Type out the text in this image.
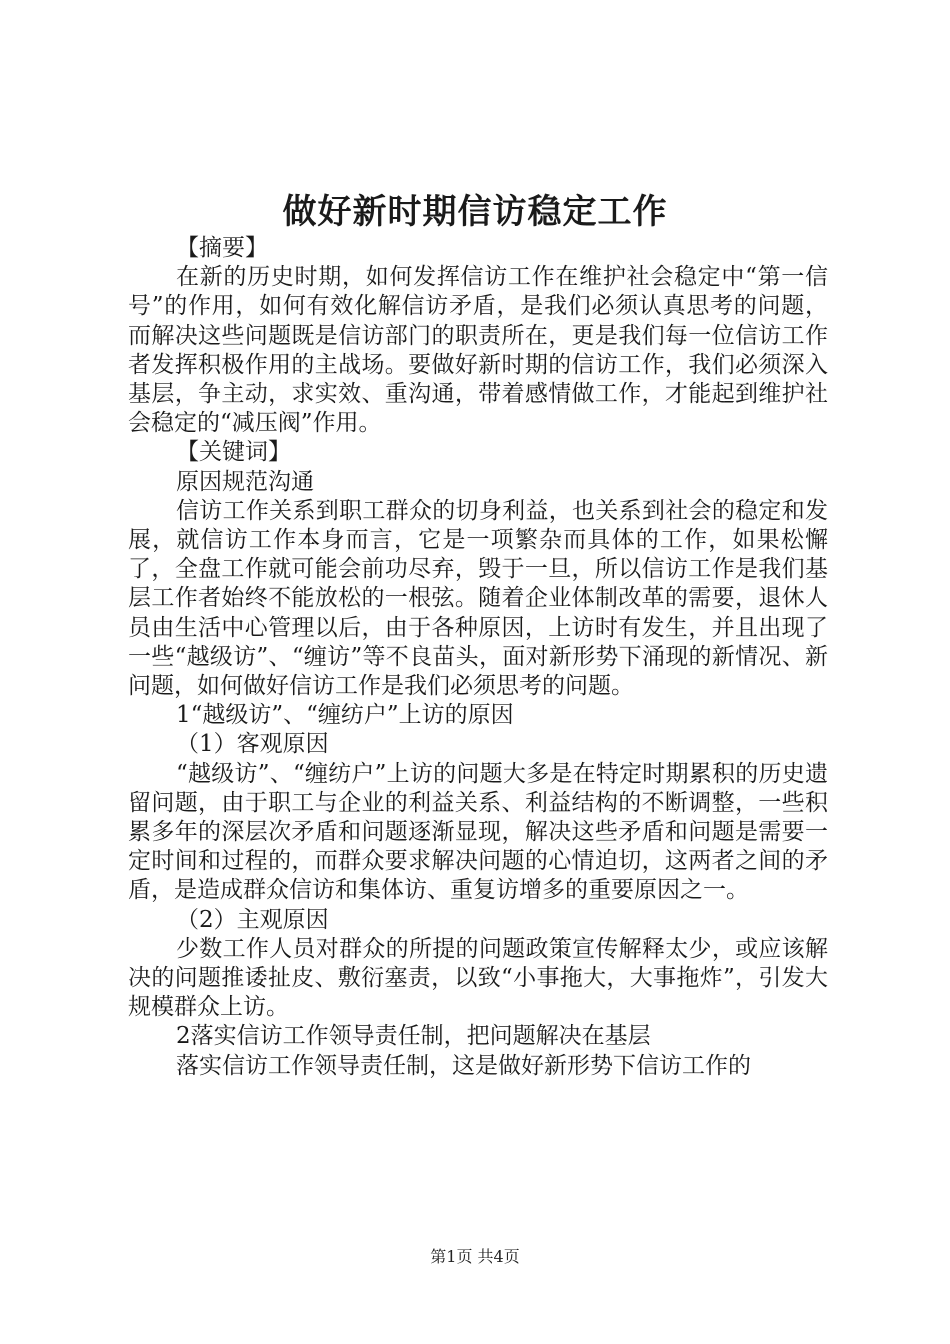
做好新时期信访稳定工作

【摘要】

在新的历史时期，如何发挥信访工作在维护社会稳定中“第一信号”的作用，如何有效化解信访矛盾，是我们必须认真思考的问题，而解决这些问题既是信访部门的职责所在，更是我们每一位信访工作者发挥积极作用的主战场。要做好新时期的信访工作，我们必须深入基层，争主动，求实效、重沟通，带着感情做工作，才能起到维护社会稳定的“减压阀”作用。

【关键词】

原因规范沟通

信访工作关系到职工群众的切身利益，也关系到社会的稳定和发展，就信访工作本身而言，它是一项繁杂而具体的工作，如果松懈了，全盘工作就可能会前功尽弃，毁于一旦，所以信访工作是我们基层工作者始终不能放松的一根弦。随着企业体制改革的需要，退休人员由生活中心管理以后，由于各种原因，上访时有发生，并且出现了一些“越级访”、“缠访”等不良苗头，面对新形势下涌现的新情况、新问题，如何做好信访工作是我们必须思考的问题。

1“越级访”、“缠纺户”上访的原因

（1）客观原因

“越级访”、“缠纺户”上访的问题大多是在特定时期累积的历史遗留问题，由于职工与企业的利益关系、利益结构的不断调整，一些积累多年的深层次矛盾和问题逐渐显现，解决这些矛盾和问题是需要一定时间和过程的，而群众要求解决问题的心情迫切，这两者之间的矛盾，是造成群众信访和集体访、重复访增多的重要原因之一。

（2）主观原因

少数工作人员对群众的所提的问题政策宣传解释太少，或应该解决的问题推诿扯皮、敷衍塞责，以致“小事拖大，大事拖炸”，引发大规模群众上访。

2落实信访工作领导责任制，把问题解决在基层

落实信访工作领导责任制，这是做好新形势下信访工作的

第1页 共4页
